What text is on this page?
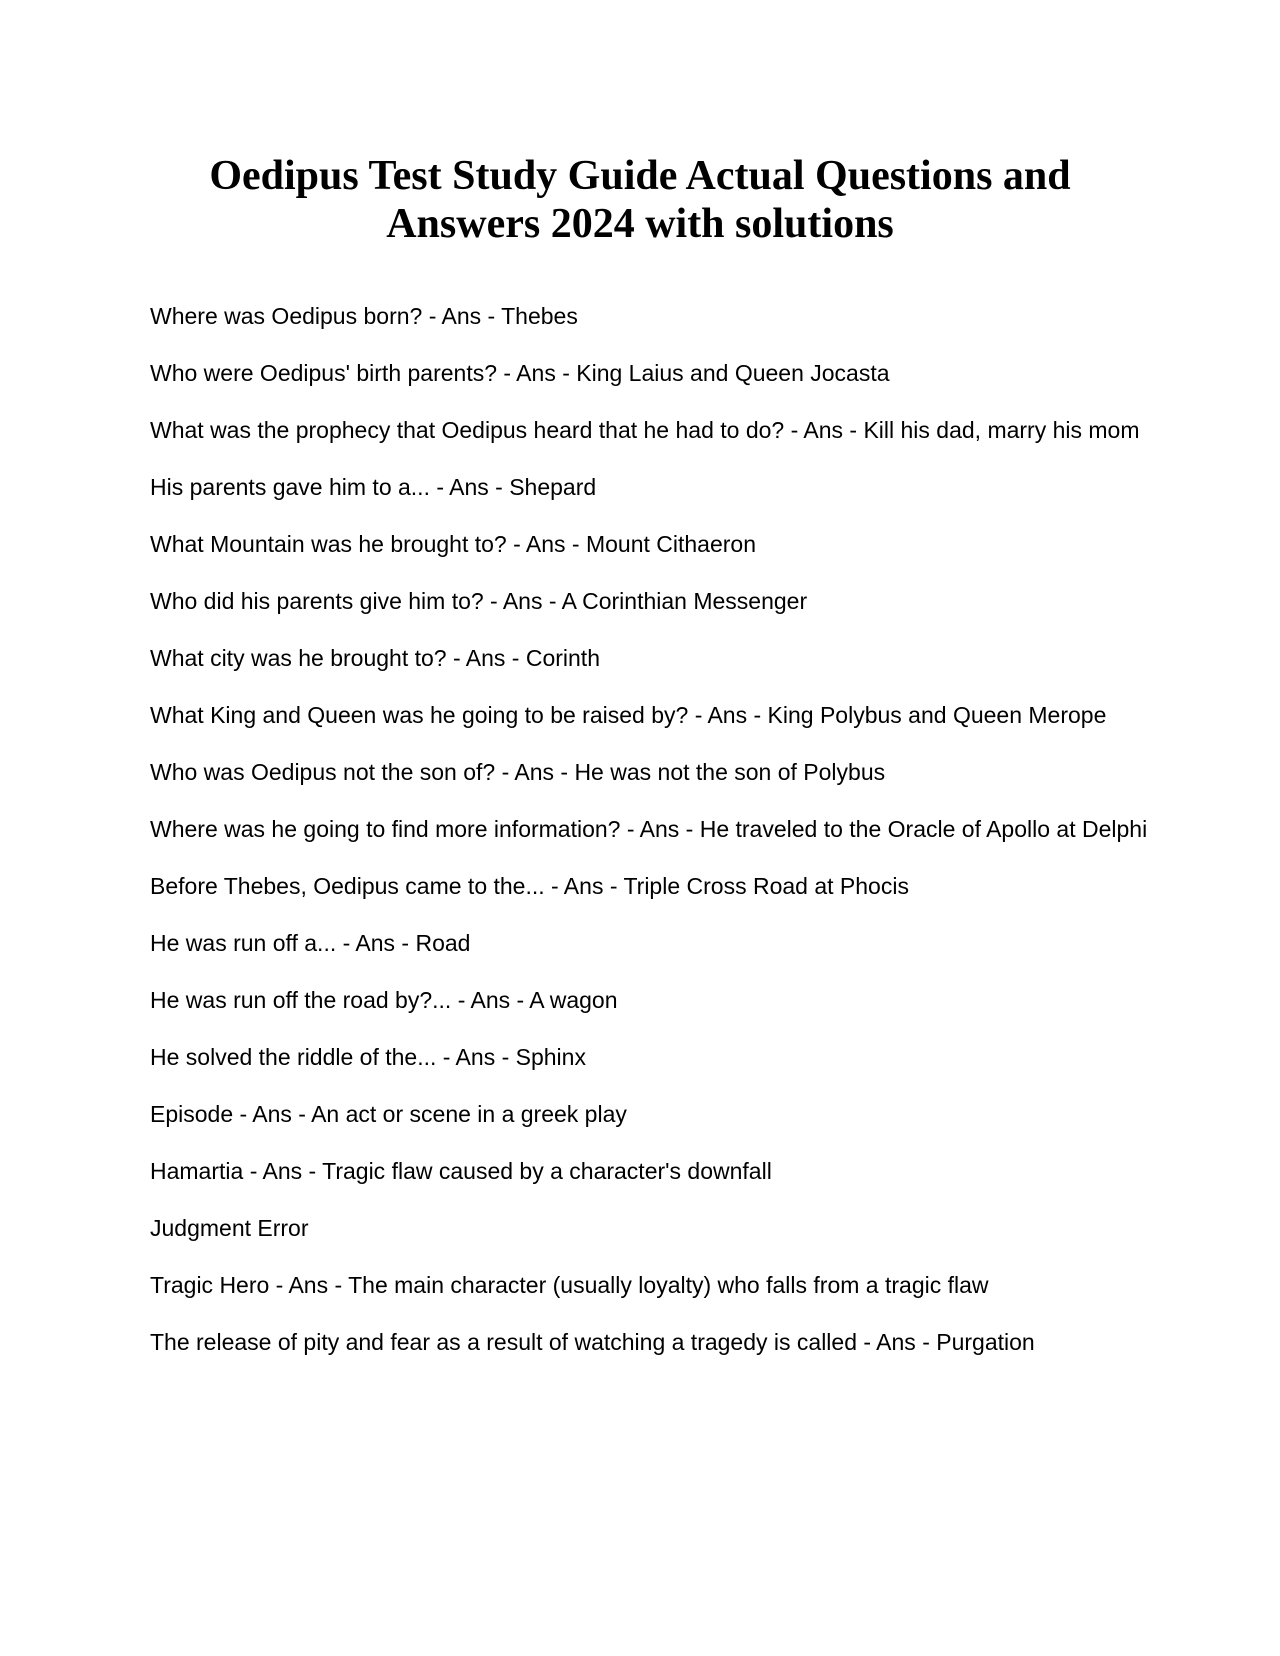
Oedipus Test Study Guide Actual Questions and
Answers 2024 with solutions
Where was Oedipus born? - Ans - Thebes
Who were Oedipus' birth parents? - Ans - King Laius and Queen Jocasta
What was the prophecy that Oedipus heard that he had to do? - Ans - Kill his dad, marry his mom
His parents gave him to a... - Ans - Shepard
What Mountain was he brought to? - Ans - Mount Cithaeron
Who did his parents give him to? - Ans - A Corinthian Messenger
What city was he brought to? - Ans - Corinth
What King and Queen was he going to be raised by? - Ans - King Polybus and Queen Merope
Who was Oedipus not the son of? - Ans - He was not the son of Polybus
Where was he going to find more information? - Ans - He traveled to the Oracle of Apollo at Delphi
Before Thebes, Oedipus came to the... - Ans - Triple Cross Road at Phocis
He was run off a... - Ans - Road
He was run off the road by?... - Ans - A wagon
He solved the riddle of the... - Ans - Sphinx
Episode - Ans - An act or scene in a greek play
Hamartia - Ans - Tragic flaw caused by a character's downfall
Judgment Error
Tragic Hero - Ans - The main character (usually loyalty) who falls from a tragic flaw
The release of pity and fear as a result of watching a tragedy is called - Ans - Purgation
